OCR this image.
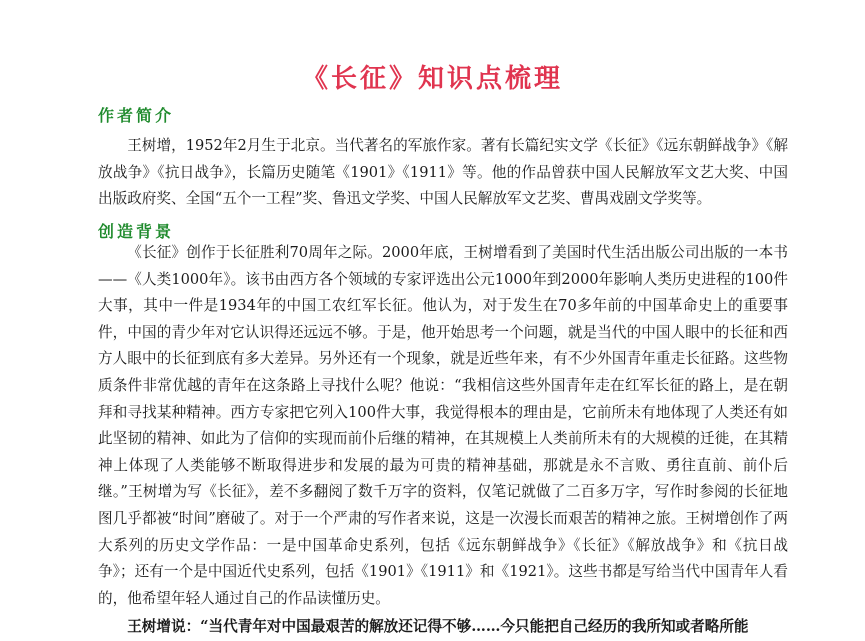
《长征》知识点梳理
作者简介

王树增，1952年2月生于北京。当代著名的军旅作家。著有长篇纪实文学《长征》《远东朝鲜战争》《解放战争》《抗日战争》，长篇历史随笔《1901》《1911》等。他的作品曾获中国人民解放军文艺大奖、中国出版政府奖、全国“五个一工程”奖、鲁迅文学奖、中国人民解放军文艺奖、曹禺戏剧文学奖等。

创造背景

《长征》创作于长征胜利70周年之际。2000年底，王树增看到了美国时代生活出版公司出版的一本书——《人类1000年》。该书由西方各个领域的专家评选出公元1000年到2000年影响人类历史进程的100件大事，其中一件是1934年的中国工农红军长征。他认为，对于发生在70多年前的中国革命史上的重要事件，中国的青少年对它认识得还远远不够。于是，他开始思考一个问题，就是当代的中国人眼中的长征和西方人眼中的长征到底有多大差异。另外还有一个现象，就是近些年来，有不少外国青年重走长征路。这些物质条件非常优越的青年在这条路上寻找什么呢？他说：“我相信这些外国青年走在红军长征的路上，是在朝拜和寻找某种精神。西方专家把它列入100件大事，我觉得根本的理由是，它前所未有地体现了人类还有如此坚韧的精神、如此为了信仰的实现而前仆后继的精神，在其规模上人类前所未有的大规模的迁徙，在其精神上体现了人类能够不断取得进步和发展的最为可贵的精神基础，那就是永不言败、勇往直前、前仆后继。”王树增为写《长征》，差不多翻阅了数千万字的资料，仅笔记就做了二百多万字，写作时参阅的长征地图几乎都被“时间”磨破了。对于一个严肃的写作者来说，这是一次漫长而艰苦的精神之旅。王树增创作了两大系列的历史文学作品：一是中国革命史系列，包括《远东朝鲜战争》《长征》《解放战争》和《抗日战争》；还有一个是中国近代史系列，包括《1901》《1911》和《1921》。这些书都是写给当代中国青年人看的，他希望年轻人通过自己的作品读懂历史。

王树增说：“当代青年对中国最艰苦的解放还记得不够……今只能把自己经历的我所知或者略所能
